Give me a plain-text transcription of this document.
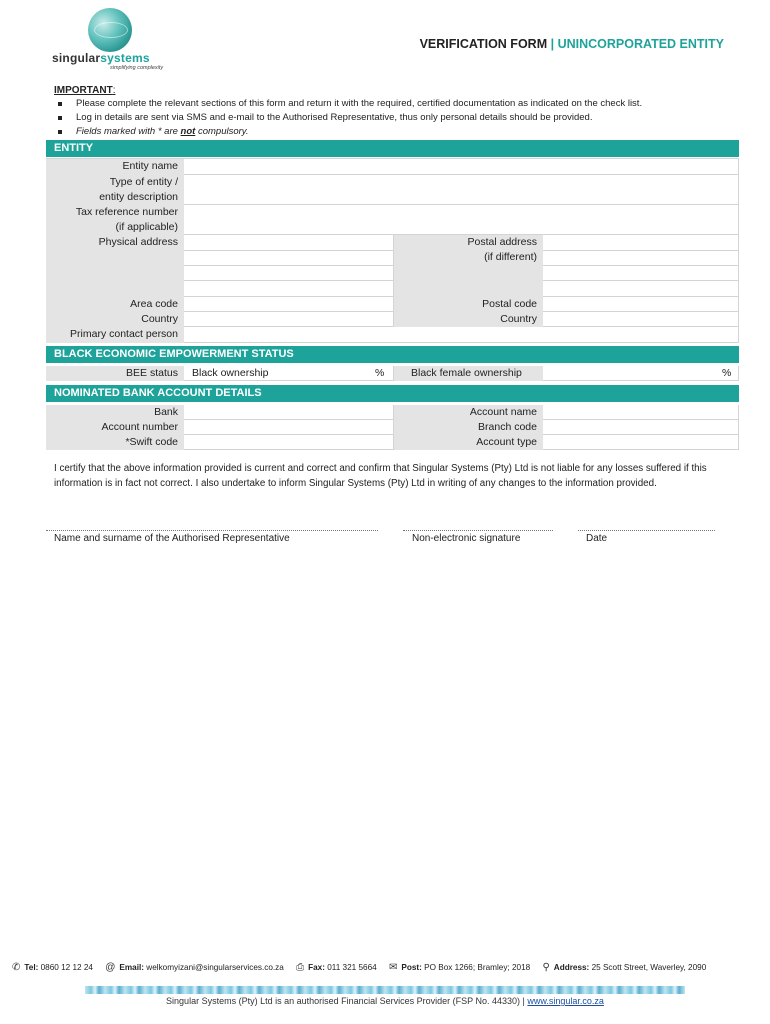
singularsystems
simplifying complexity
VERIFICATION FORM | UNINCORPORATED ENTITY
IMPORTANT:
Please complete the relevant sections of this form and return it with the required, certified documentation as indicated on the check list.
Log in details are sent via SMS and e-mail to the Authorised Representative, thus only personal details should be provided.
Fields marked with * are not compulsory.
ENTITY
Entity name
Type of entity /
entity description
Tax reference number
(if applicable)
Physical address	Postal address
(if different)
Area code	Postal code
Country	Country
Primary contact person
BLACK ECONOMIC EMPOWERMENT STATUS
BEE status	Black ownership	%	Black female ownership	%
NOMINATED BANK ACCOUNT DETAILS
Bank	Account name
Account number	Branch code
*Swift code	Account type
I certify that the above information provided is current and correct and confirm that Singular Systems (Pty) Ltd is not liable for any losses suffered if this information is in fact not correct. I also undertake to inform Singular Systems (Pty) Ltd in writing of any changes to the information provided.
Name and surname of the Authorised Representative	Non-electronic signature	Date
✆ Tel: 0860 12 12 24 @ Email: welkomyizani@singularservices.co.za ⎙ Fax: 011 321 5664 ✉ Post: PO Box 1266; Bramley; 2018 ⚲ Address: 25 Scott Street, Waverley, 2090
Singular Systems (Pty) Ltd is an authorised Financial Services Provider (FSP No. 44330) | www.singular.co.za
